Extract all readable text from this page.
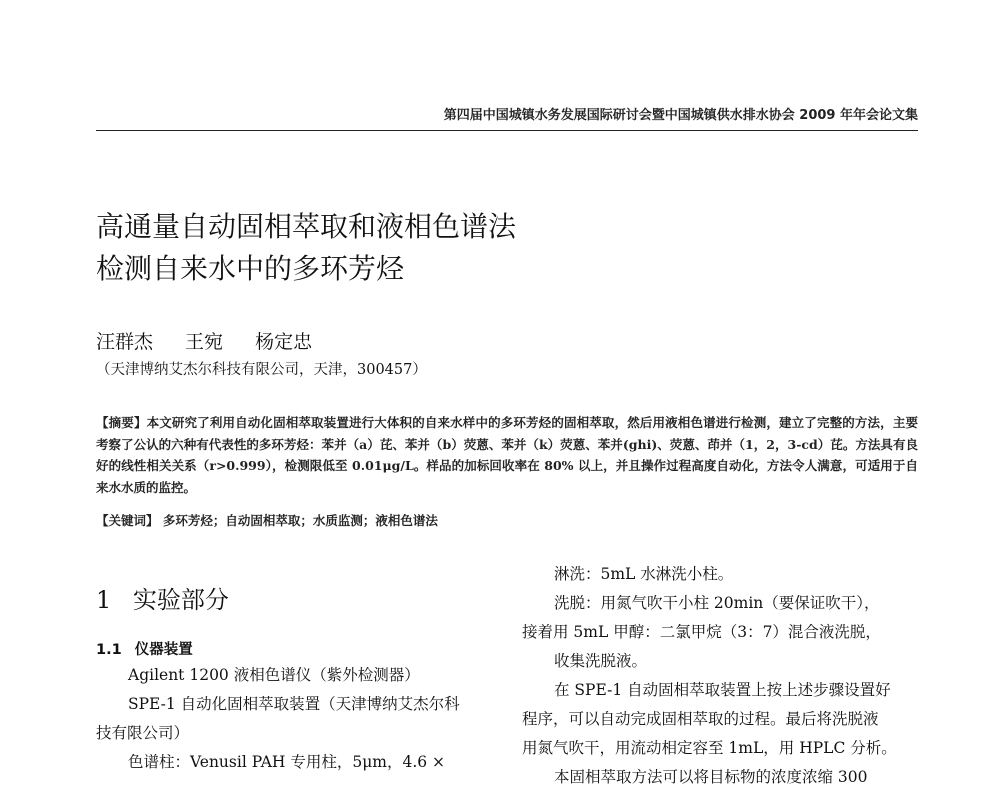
第四届中国城镇水务发展国际研讨会暨中国城镇供水排水协会 2009 年年会论文集
高通量自动固相萃取和液相色谱法
检测自来水中的多环芳烃
汪群杰 王宛 杨定忠
（天津博纳艾杰尔科技有限公司，天津，300457）
【摘要】本文研究了利用自动化固相萃取装置进行大体积的自来水样中的多环芳烃的固相萃取，然后用液相色谱进行检测，建立了完整的方法，主要考察了公认的六种有代表性的多环芳烃：苯并（a）芘、苯并（b）荧蒽、苯并（k）荧蒽、苯并(ghi)、荧蒽、茚并（1，2，3-cd）芘。方法具有良好的线性相关关系（r>0.999），检测限低至 0.01μg/L。样品的加标回收率在 80% 以上，并且操作过程高度自动化，方法令人满意，可适用于自来水水质的监控。
【关键词】 多环芳烃；自动固相萃取；水质监测；液相色谱法
1 实验部分
1.1 仪器装置

Agilent 1200 液相色谱仪（紫外检测器）

SPE-1 自动化固相萃取装置（天津博纳艾杰尔科

技有限公司）

色谱柱：Venusil PAH 专用柱，5μm，4.6 ×

淋洗：5mL 水淋洗小柱。

洗脱：用氮气吹干小柱 20min（要保证吹干），

接着用 5mL 甲醇：二氯甲烷（3：7）混合液洗脱，

收集洗脱液。

在 SPE-1 自动固相萃取装置上按上述步骤设置好

程序，可以自动完成固相萃取的过程。最后将洗脱液

用氮气吹干，用流动相定容至 1mL，用 HPLC 分析。

本固相萃取方法可以将目标物的浓度浓缩 300
